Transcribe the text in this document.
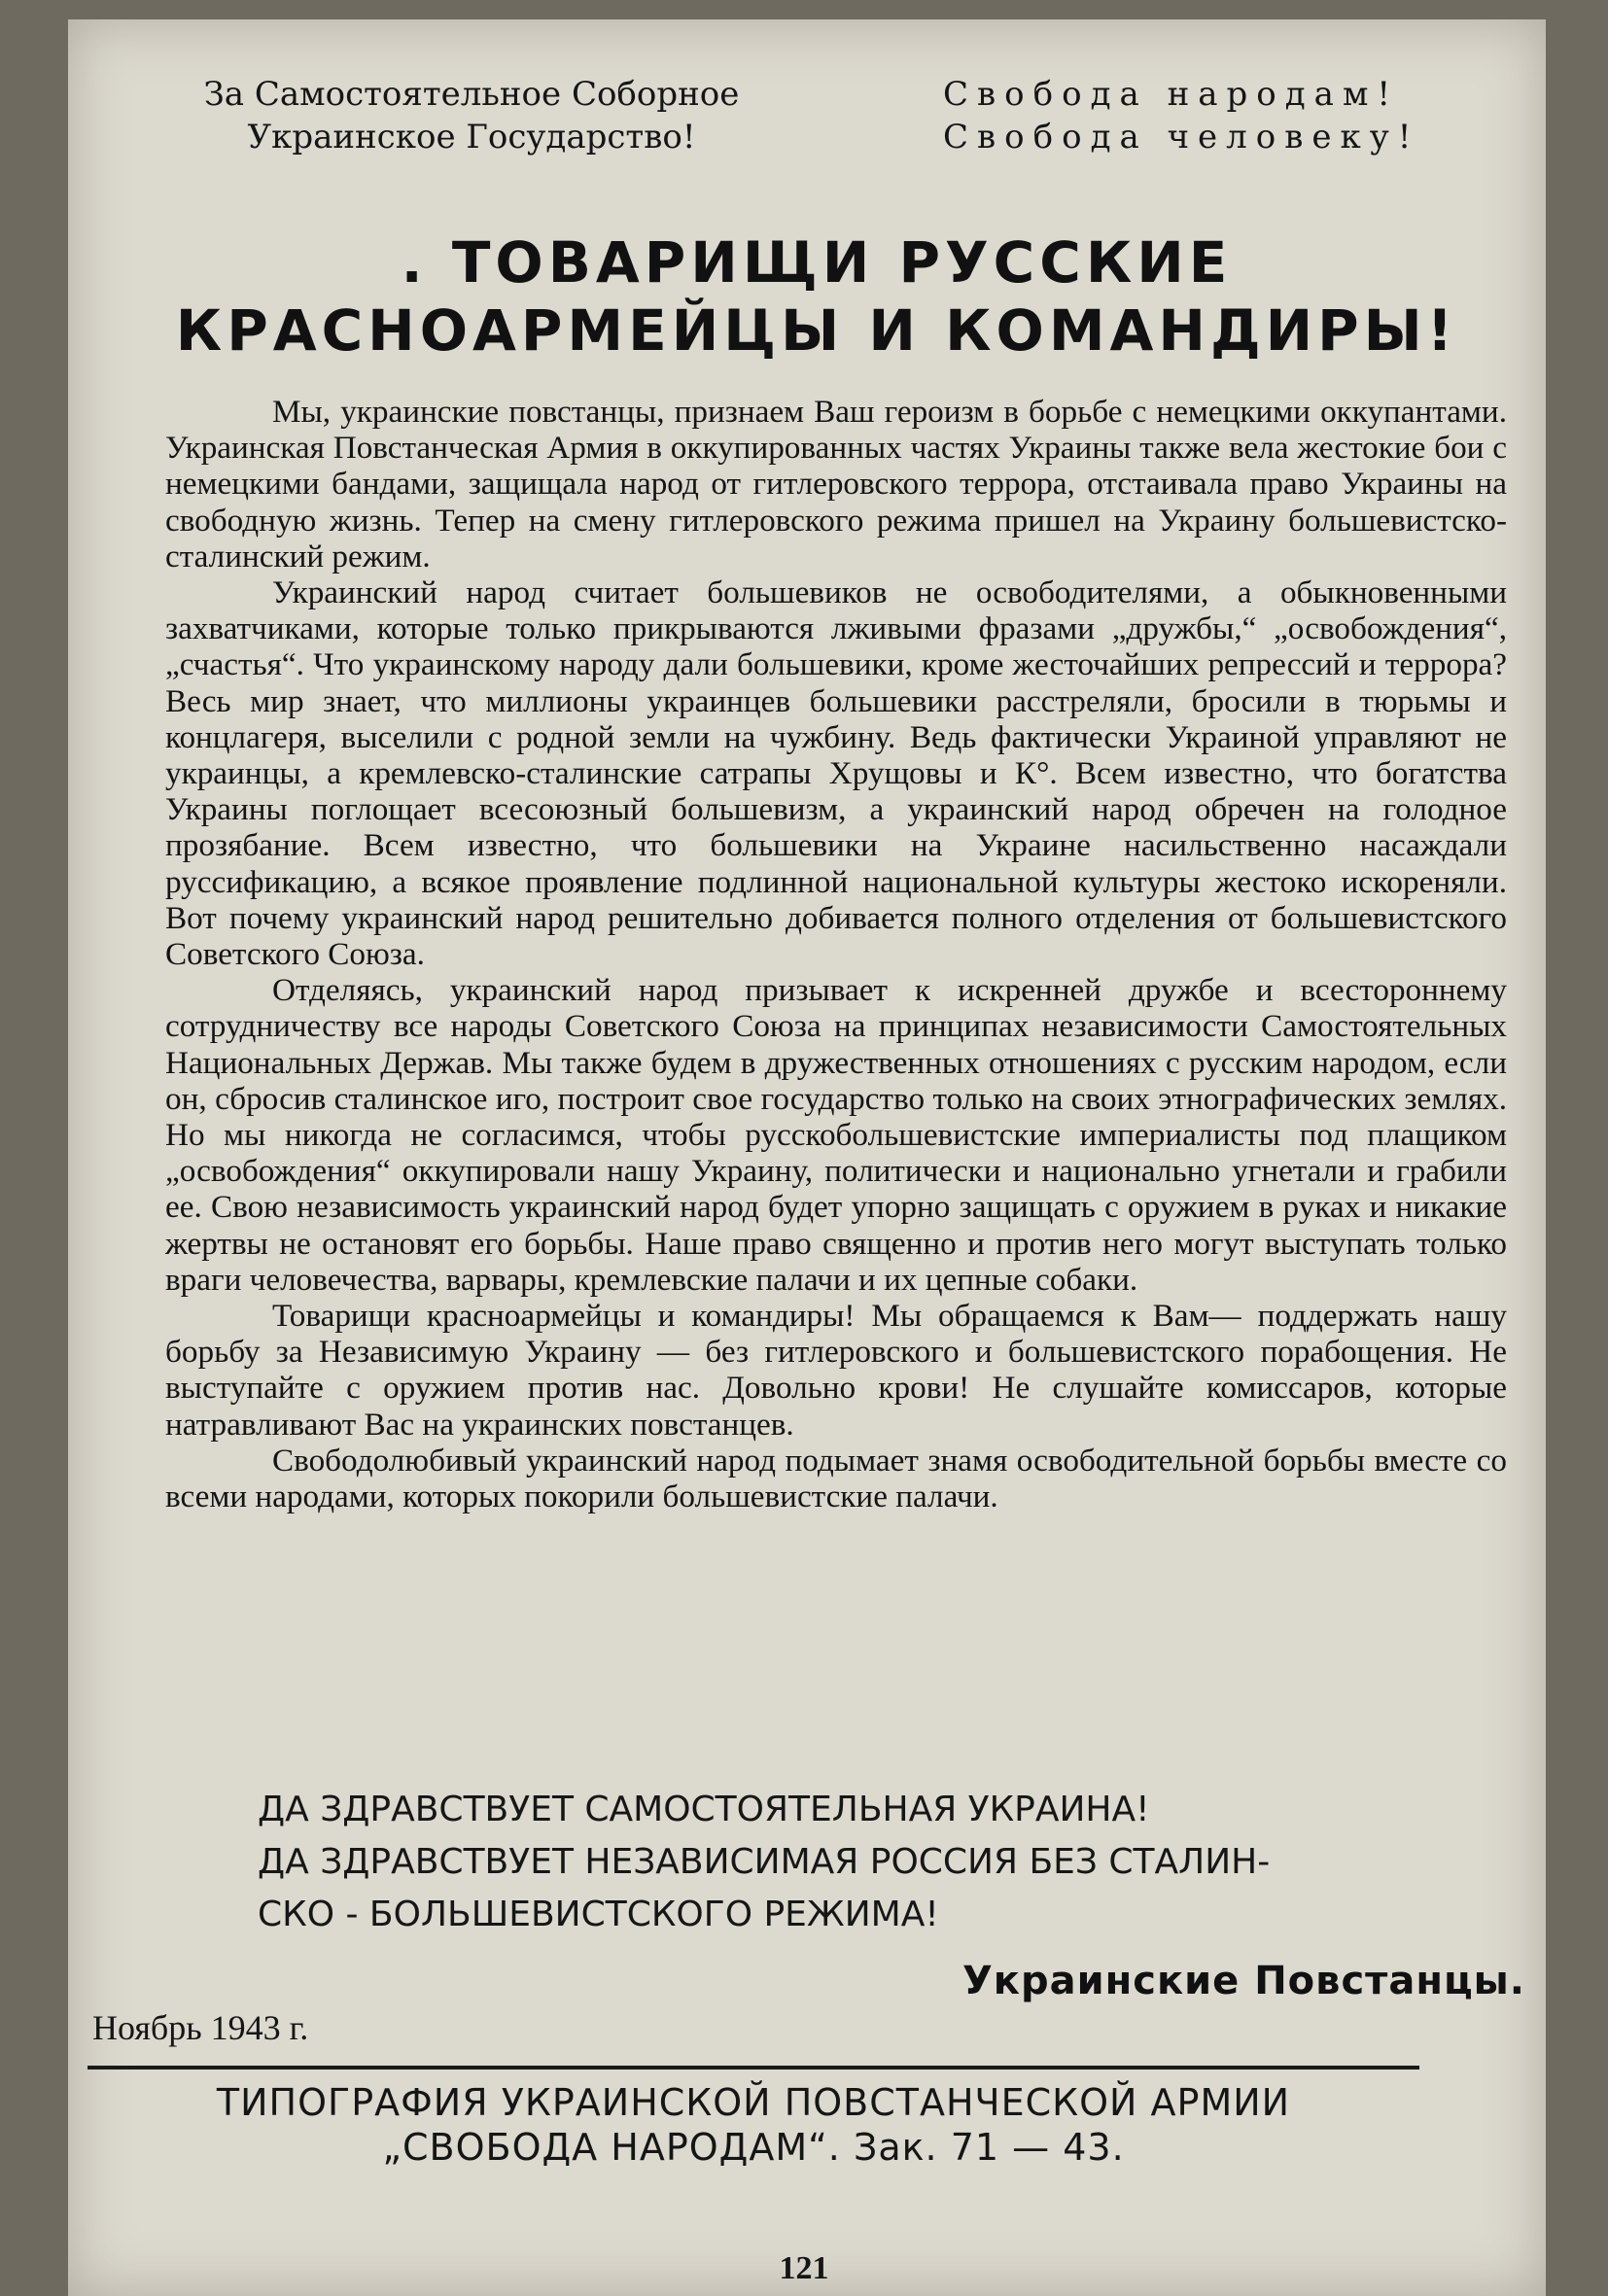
За Самостоятельное Соборное
Украинское Государство!
Свобода народам!
Свобода человеку!
. ТОВАРИЩИ РУССКИЕ
КРАСНОАРМЕЙЦЫ И КОМАНДИРЫ!

Мы, украинские повстанцы, признаем Ваш героизм в борьбе с немецкими оккупантами. Украинская Повстанческая Армия в оккупированных частях Украины также вела жестокие бои с немецкими бандами, защищала народ от гитлеровского террора, отстаивала право Украины на свободную жизнь. Тепер на смену гитлеровского режима пришел на Украину большевистско-сталинский режим.

Украинский народ считает большевиков не освободителями, а обыкновенными захватчиками, которые только прикрываются лживыми фразами „дружбы,“ „освобождения“, „счастья“. Что украинскому народу дали большевики, кроме жесточайших репрессий и террора? Весь мир знает, что миллионы украинцев большевики расстреляли, бросили в тюрьмы и концлагеря, выселили с родной земли на чужбину. Ведь фактически Украиной управляют не украинцы, а кремлевско-сталинские сатрапы Хрущовы и К°. Всем известно, что богатства Украины поглощает всесоюзный большевизм, а украинский народ обречен на голодное прозябание. Всем известно, что большевики на Украине насильственно насаждали руссификацию, а всякое проявление подлинной национальной культуры жестоко искореняли. Вот почему украинский народ решительно добивается полного отделения от большевистского Советского Союза.

Отделяясь, украинский народ призывает к искренней дружбе и всестороннему сотрудничеству все народы Советского Союза на принципах независимости Самостоятельных Национальных Держав. Мы также будем в дружественных отношениях с русским народом, если он, сбросив сталинское иго, построит свое государство только на своих этнографических землях. Но мы никогда не согласимся, чтобы русскобольшевистские империалисты под плащиком „освобождения“ оккупировали нашу Украину, политически и национально угнетали и грабили ее. Свою независимость украинский народ будет упорно защищать с оружием в руках и никакие жертвы не остановят его борьбы. Наше право священно и против него могут выступать только враги человечества, варвары, кремлевские палачи и их цепные собаки.

Товарищи красноармейцы и командиры! Мы обращаемся к Вам— поддержать нашу борьбу за Независимую Украину — без гитлеровского и большевистского порабощения. Не выступайте с оружием против нас. Довольно крови! Не слушайте комиссаров, которые натравливают Вас на украинских повстанцев.

Свободолюбивый украинский народ подымает знамя освободительной борьбы вместе со всеми народами, которых покорили большевистские палачи.

ДА ЗДРАВСТВУЕТ САМОСТОЯТЕЛЬНАЯ УКРАИНА!
ДА ЗДРАВСТВУЕТ НЕЗАВИСИМАЯ РОССИЯ БЕЗ СТАЛИН-
СКО - БОЛЬШЕВИСТСКОГО РЕЖИМА!
Украинские Повстанцы.
Ноябрь 1943 г.
ТИПОГРАФИЯ УКРАИНСКОЙ ПОВСТАНЧЕСКОЙ АРМИИ
„СВОБОДА НАРОДАМ“. Зак. 71 — 43.
121
